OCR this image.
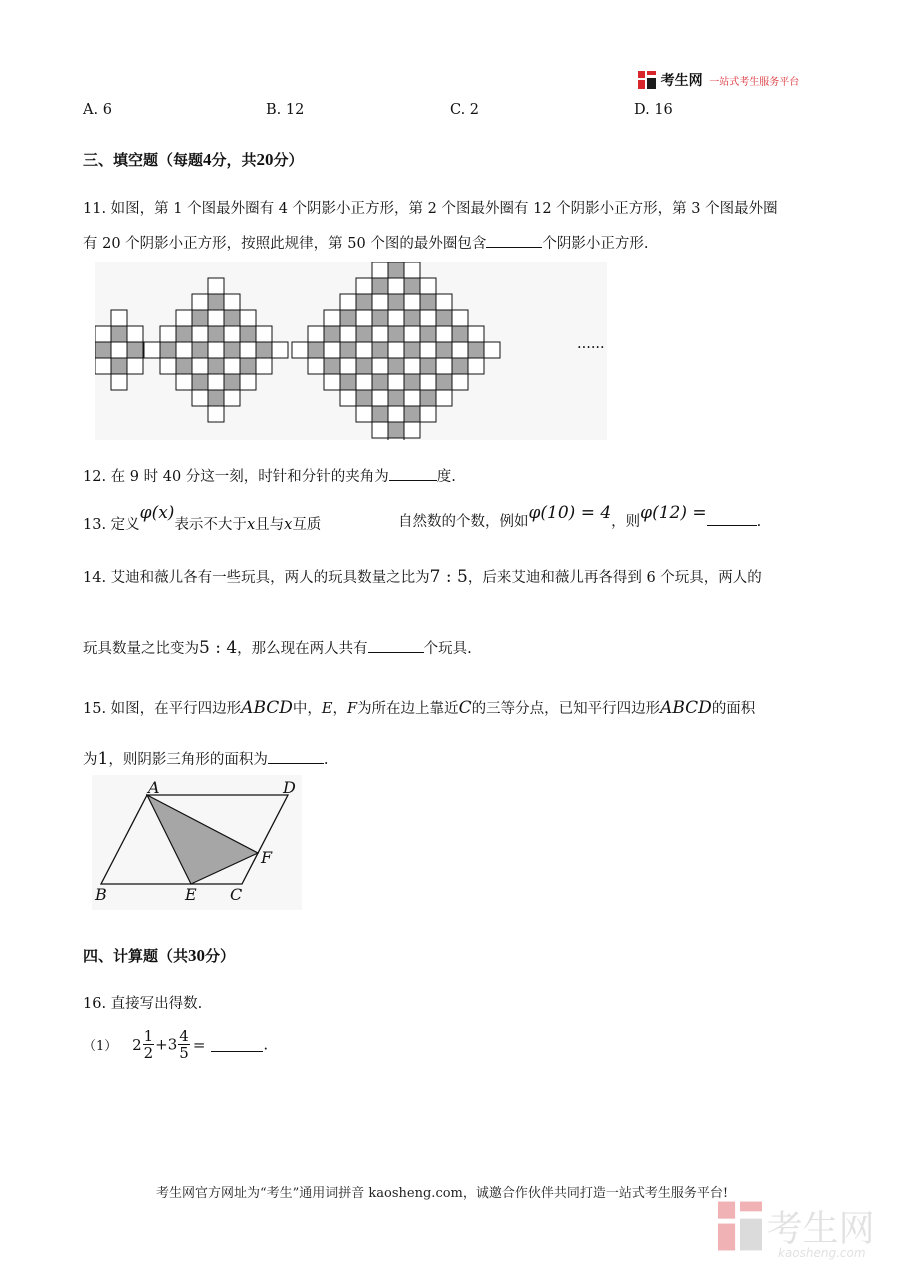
考生网 一站式考生服务平台
A. 6	B. 12	C. 2	D. 16
三、填空题（每题4分，共20分）
11. 如图，第 1 个图最外圈有 4 个阴影小正方形，第 2 个图最外圈有 12 个阴影小正方形，第 3 个图最外圈
有 20 个阴影小正方形，按照此规律，第 50 个图的最外圈包含	个阴影小正方形.
......
12. 在 9 时 40 分这一刻，时针和分针的夹角为	度.
13. 定义φ(x)表示不大于x且与x互质	自然数的个数，例如φ(10) = 4，则φ(12) =	.
14. 艾迪和薇儿各有一些玩具，两人的玩具数量之比为7 : 5，后来艾迪和薇儿再各得到 6 个玩具，两人的
玩具数量之比变为5 : 4，那么现在两人共有	个玩具.
15. 如图，在平行四边形ABCD中，E，F为所在边上靠近C的三等分点，已知平行四边形ABCD的面积
为1，则阴影三角形的面积为	.
A	D
F
B	E C
四、计算题（共30分）
16. 直接写出得数.
（1） $2 \frac{1}{2} +3 \frac{4}{5}$ =	.
考生网官方网址为“考生”通用词拼音 kaosheng.com，诚邀合作伙伴共同打造一站式考生服务平台!
考生网
kaosheng.com
